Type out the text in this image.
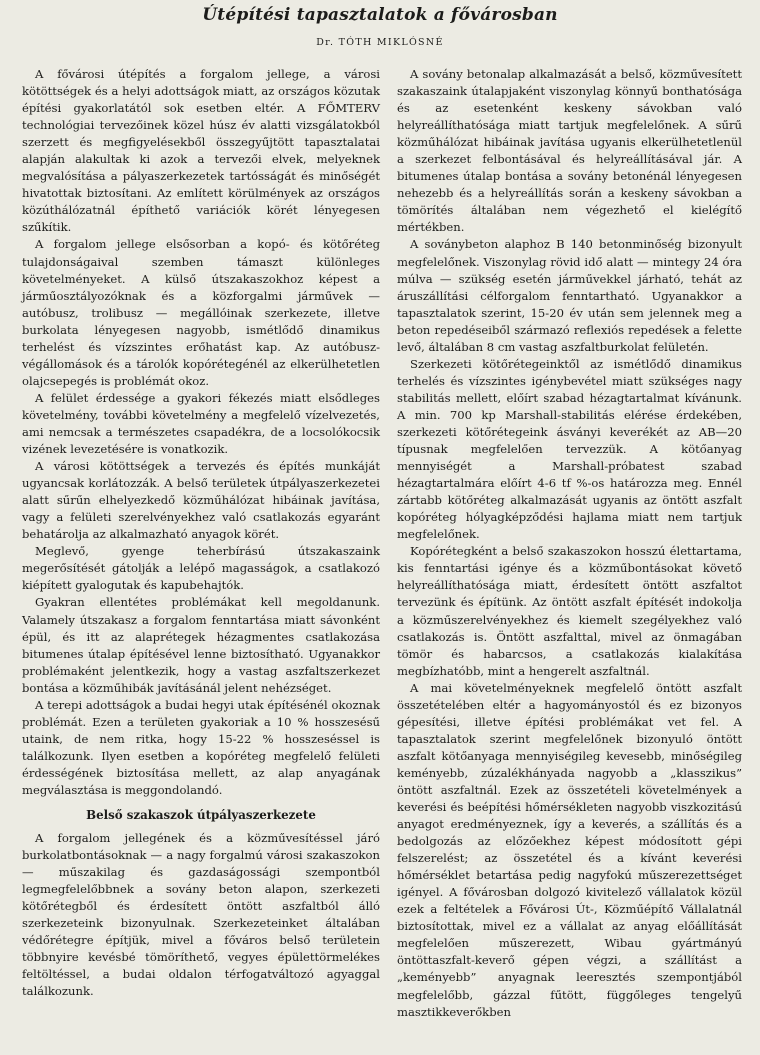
Útépítési tapasztalatok a fővárosban
Dr. TÓTH MIKLÓSNÉ

A fővárosi útépítés a forgalom jellege, a városi kötöttségek és a helyi adottságok miatt, az országos közutak építési gyakorlatától sok esetben eltér. A FŐMTERV technológiai tervezőinek közel húsz év alatti vizsgálatokból szerzett és megfigyelésekből összegyűjtött tapasztalatai alapján alakultak ki azok a tervezői elvek, melyeknek megvalósítása a pályaszerkezetek tartósságát és minőségét hivatottak biztosítani. Az említett körülmények az országos közúthálózatnál építhető variációk körét lényegesen szűkítik.

A forgalom jellege elsősorban a kopó- és kötőréteg tulajdonságaival szemben támaszt különleges követelményeket. A külső útszakaszokhoz képest a járműosztályozóknak és a közforgalmi járművek — autóbusz, trolibusz — megállóinak szerkezete, illetve burkolata lényegesen nagyobb, ismétlődő dinamikus terhelést és vízszintes erőhatást kap. Az autóbusz-végállomások és a tárolók kopórétegénél az elkerülhetetlen olajcsepegés is problémát okoz.

A felület érdessége a gyakori fékezés miatt elsődleges követelmény, további követelmény a megfelelő vízelvezetés, ami nemcsak a természetes csapadékra, de a locsolókocsik vizének levezetésére is vonatkozik.

A városi kötöttségek a tervezés és építés munkáját ugyancsak korlátozzák. A belső területek útpályaszerkezetei alatt sűrűn elhelyezkedő közműhálózat hibáinak javítása, vagy a felületi szerelvényekhez való csatlakozás egyaránt behatárolja az alkalmazható anyagok körét.

Meglevő, gyenge teherbírású útszakaszaink megerősítését gátolják a lelépő magasságok, a csatlakozó kiépített gyalogutak és kapubehajtók.

Gyakran ellentétes problémákat kell megoldanunk. Valamely útszakasz a forgalom fenntartása miatt sávonként épül, és itt az alaprétegek hézagmentes csatlakozása bitumenes útalap építésével lenne biztosítható. Ugyanakkor problémaként jelentkezik, hogy a vastag aszfaltszerkezet bontása a közműhibák javításánál jelent nehézséget.

A terepi adottságok a budai hegyi utak építésénél okoznak problémát. Ezen a területen gyakoriak a 10 % hosszesésű utaink, de nem ritka, hogy 15-22 % hosszeséssel is találkozunk. Ilyen esetben a kopóréteg megfelelő felületi érdességének biztosítása mellett, az alap anyagának megválasztása is meggondolandó.

Belső szakaszok útpályaszerkezete

A forgalom jellegének és a közművesítéssel járó burkolatbontásoknak — a nagy forgalmú városi szakaszokon — műszakilag és gazdaságossági szempontból legmegfelelőbbnek a sovány beton alapon, szerkezeti kötőrétegből és érdesített öntött aszfaltból álló szerkezeteink bizonyulnak. Szerkezeteinket általában védőrétegre építjük, mivel a főváros belső területein többnyire kevésbé tömöríthető, vegyes épülettörmelékes feltöltéssel, a budai oldalon térfogatváltozó agyaggal találkozunk.

A sovány betonalap alkalmazását a belső, közművesített szakaszaink útalapjaként viszonylag könnyű bonthatósága és az esetenként keskeny sávokban való helyreállíthatósága miatt tartjuk megfelelőnek. A sűrű közműhálózat hibáinak javítása ugyanis elkerülhetetlenül a szerkezet felbontásával és helyreállításával jár. A bitumenes útalap bontása a sovány betonénál lényegesen nehezebb és a helyreállítás során a keskeny sávokban a tömörítés általában nem végezhető el kielégítő mértékben.

A soványbeton alaphoz B 140 betonminőség bizonyult megfelelőnek. Viszonylag rövid idő alatt — mintegy 24 óra múlva — szükség esetén járművekkel járható, tehát az áruszállítási célforgalom fenntartható. Ugyanakkor a tapasztalatok szerint, 15-20 év után sem jelennek meg a beton repedéseiből származó reflexiós repedések a felette levő, általában 8 cm vastag aszfaltburkolat felületén.

Szerkezeti kötőrétegeinktől az ismétlődő dinamikus terhelés és vízszintes igénybevétel miatt szükséges nagy stabilitás mellett, előírt szabad hézagtartalmat kívánunk. A min. 700 kp Marshall-stabilitás elérése érdekében, szerkezeti kötőrétegeink ásványi keverékét az AB—20 típusnak megfelelően tervezzük. A kötőanyag mennyiségét a Marshall-próbatest szabad hézagtartalmára előírt 4-6 tf %-os határozza meg. Ennél zártabb kötőréteg alkalmazását ugyanis az öntött aszfalt kopóréteg hólyagképződési hajlama miatt nem tartjuk megfelelőnek.

Kopórétegként a belső szakaszokon hosszú élettartama, kis fenntartási igénye és a közműbontásokat követő helyreállíthatósága miatt, érdesített öntött aszfaltot tervezünk és építünk. Az öntött aszfalt építését indokolja a közműszerelvényekhez és kiemelt szegélyekhez való csatlakozás is. Öntött aszfalttal, mivel az önmagában tömör és habarcsos, a csatlakozás kialakítása megbízhatóbb, mint a hengerelt aszfaltnál.

A mai követelményeknek megfelelő öntött aszfalt összetételében eltér a hagyományostól és ez bizonyos gépesítési, illetve építési problémákat vet fel. A tapasztalatok szerint megfelelőnek bizonyuló öntött aszfalt kötőanyaga mennyiségileg kevesebb, minőségileg keményebb, zúzalékhányada nagyobb a „klasszikus” öntött aszfaltnál. Ezek az összetételi követelmények a keverési és beépítési hőmérsékleten nagyobb viszkozitású anyagot eredményeznek, így a keverés, a szállítás és a bedolgozás az előzőekhez képest módosított gépi felszerelést; az összetétel és a kívánt keverési hőmérséklet betartása pedig nagyfokú műszerezettséget igényel. A fővárosban dolgozó kivitelező vállalatok közül ezek a feltételek a Fővárosi Út-, Közműépítő Vállalatnál biztosítottak, mivel ez a vállalat az anyag előállítását megfelelően műszerezett, Wibau gyártmányú öntöttaszfalt-keverő gépen végzi, a szállítást a „keményebb” anyagnak leeresztés szempontjából megfelelőbb, gázzal fűtött, függőleges tengelyű masztikkeverőkben
